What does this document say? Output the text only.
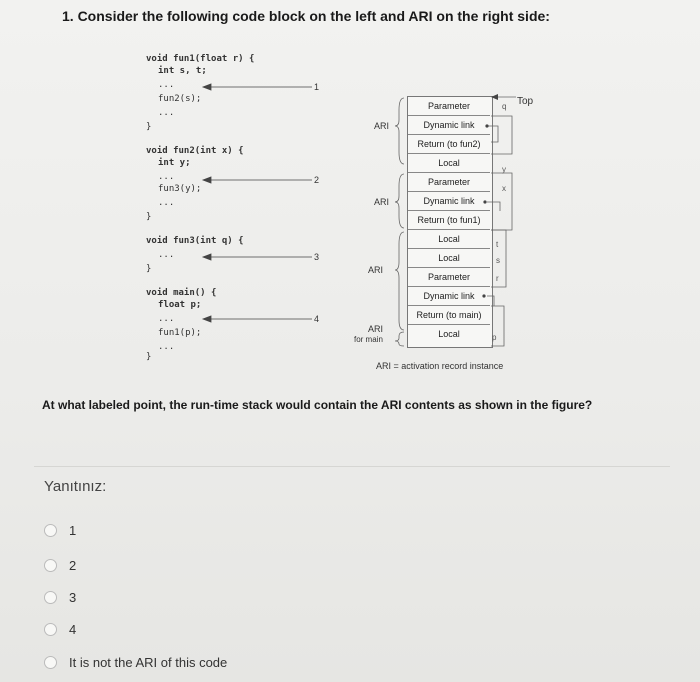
1. Consider the following code block on the left and ARI on the right side:
void fun1(float r) {
int s, t;
...
fun2(s);
...
}
void fun2(int x) {
int y;
...
fun3(y);
...
}
void fun3(int q) {
...
}
void main() {
float p;
...
fun1(p);
...
}
1
2
3
4
Parameter
Dynamic link
Return (to fun2)
Local
Parameter
Dynamic link
Return (to fun1)
Local
Local
Parameter
Dynamic link
Return (to main)
Local
q
y
x
t
s
r
p
ARI
ARI
ARI
ARI
for main
Top
ARI = activation record instance
At what labeled point, the run-time stack would contain the ARI contents as shown in the figure?
Yanıtınız:
1
2
3
4
It is not the ARI of this code
